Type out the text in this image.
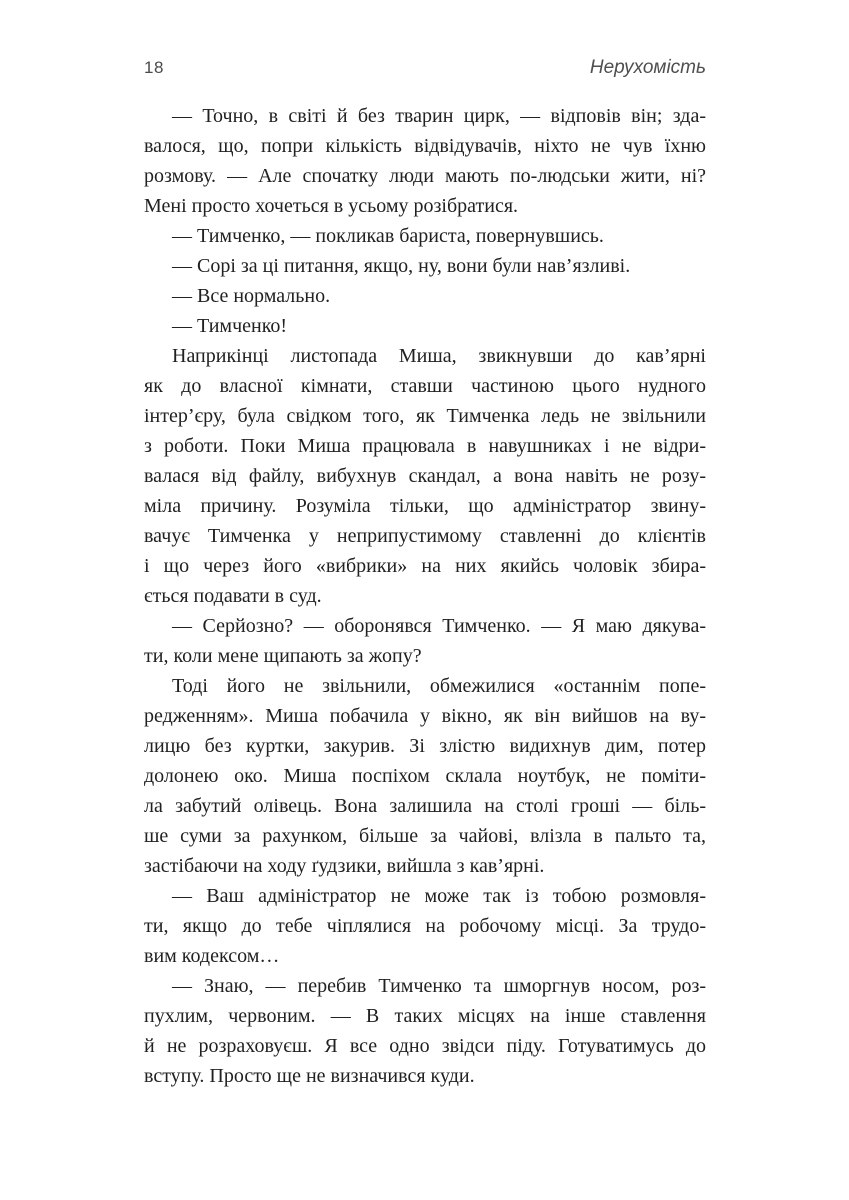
18	Нерухомість
— Точно, в світі й без тварин цирк, — відповів він; зда-
валося, що, попри кількість відвідувачів, ніхто не чув їхню
розмову. — Але спочатку люди мають по-людськи жити, ні?
Мені просто хочеться в усьому розібратися.
— Тимченко, — покликав бариста, повернувшись.
— Сорі за ці питання, якщо, ну, вони були нав’язливі.
— Все нормально.
— Тимченко!
Наприкінці листопада Миша, звикнувши до кав’ярні
як до власної кімнати, ставши частиною цього нудного
інтер’єру, була свідком того, як Тимченка ледь не звільнили
з роботи. Поки Миша працювала в навушниках і не відри-
валася від файлу, вибухнув скандал, а вона навіть не розу-
міла причину. Розуміла тільки, що адміністратор звину-
вачує Тимченка у неприпустимому ставленні до клієнтів
і що через його «вибрики» на них якийсь чоловік збира-
ється подавати в суд.
— Серйозно? — оборонявся Тимченко. — Я маю дякува-
ти, коли мене щипають за жопу?
Тоді його не звільнили, обмежилися «останнім попе-
редженням». Миша побачила у вікно, як він вийшов на ву-
лицю без куртки, закурив. Зі злістю видихнув дим, потер
долонею око. Миша поспіхом склала ноутбук, не поміти-
ла забутий олівець. Вона залишила на столі гроші — біль-
ше суми за рахунком, більше за чайові, влізла в пальто та,
застібаючи на ходу ґудзики, вийшла з кав’ярні.
— Ваш адміністратор не може так із тобою розмовля-
ти, якщо до тебе чіплялися на робочому місці. За трудо-
вим кодексом…
— Знаю, — перебив Тимченко та шморгнув носом, роз-
пухлим, червоним. — В таких місцях на інше ставлення
й не розраховуєш. Я все одно звідси піду. Готуватимусь до
вступу. Просто ще не визначився куди.
